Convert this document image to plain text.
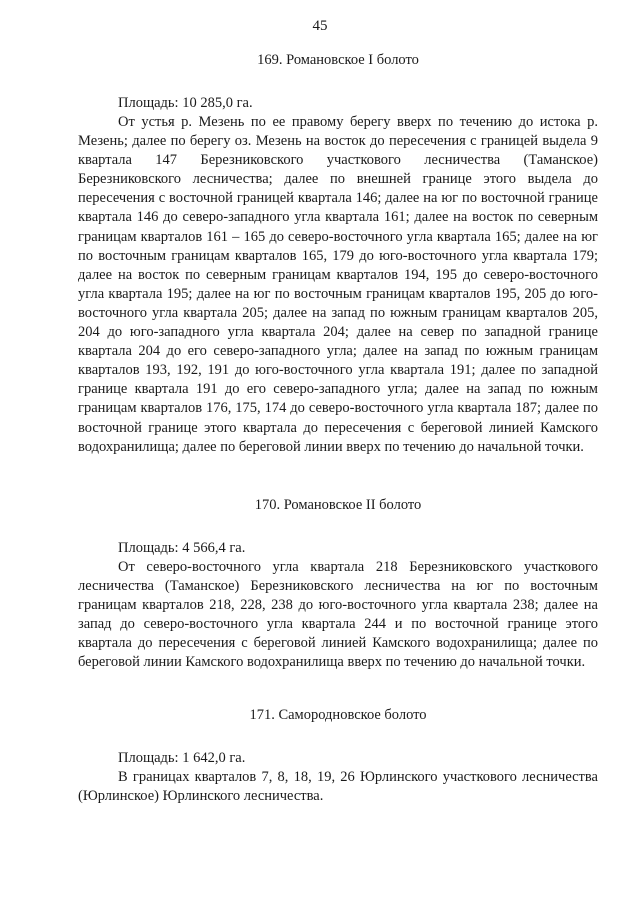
45

169. Романовское I болото

Площадь: 10 285,0 га.

От устья р. Мезень по ее правому берегу вверх по течению до истока р. Мезень; далее по берегу оз. Мезень на восток до пересечения с границей выдела 9 квартала 147 Березниковского участкового лесничества (Таманское) Березниковского лесничества; далее по внешней границе этого выдела до пересечения с восточной границей квартала 146; далее на юг по восточной границе квартала 146 до северо-западного угла квартала 161; далее на восток по северным границам кварталов 161 – 165 до северо-восточного угла квартала 165; далее на юг по восточным границам кварталов 165, 179 до юго-восточного угла квартала 179; далее на восток по северным границам кварталов 194, 195 до северо-восточного угла квартала 195; далее на юг по восточным границам кварталов 195, 205 до юго-восточного угла квартала 205; далее на запад по южным границам кварталов 205, 204 до юго-западного угла квартала 204; далее на север по западной границе квартала 204 до его северо-западного угла; далее на запад по южным границам кварталов 193, 192, 191 до юго-восточного угла квартала 191; далее по западной границе квартала 191 до его северо-западного угла; далее на запад по южным границам кварталов 176, 175, 174 до северо-восточного угла квартала 187; далее по восточной границе этого квартала до пересечения с береговой линией Камского водохранилища; далее по береговой линии вверх по течению до начальной точки.

170. Романовское II болото

Площадь: 4 566,4 га.

От северо-восточного угла квартала 218 Березниковского участкового лесничества (Таманское) Березниковского лесничества на юг по восточным границам кварталов 218, 228, 238 до юго-восточного угла квартала 238; далее на запад до северо-восточного угла квартала 244 и по восточной границе этого квартала до пересечения с береговой линией Камского водохранилища; далее по береговой линии Камского водохранилища вверх по течению до начальной точки.

171. Самородновское болото

Площадь: 1 642,0 га.

В границах кварталов 7, 8, 18, 19, 26 Юрлинского участкового лесничества (Юрлинское) Юрлинского лесничества.
